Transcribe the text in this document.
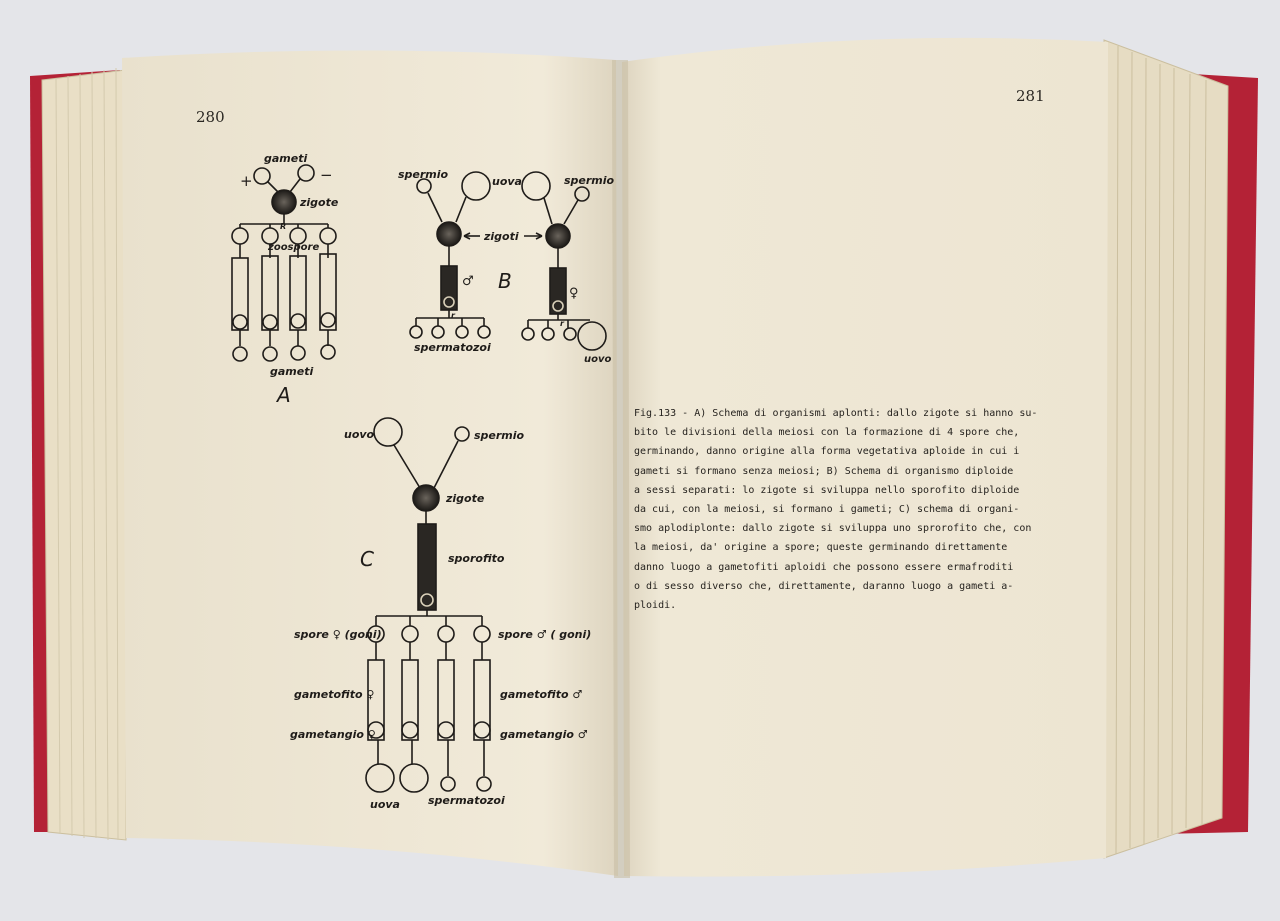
gameti
+	−
zigote
R
zoospore
gameti
A
spermio
uova	spermio
zigoti
♂
♀
r
r
spermatozoi
uovo
B
uovo	spermio
zigote
sporofito
spore ♀ (goni)	spore ♂ ( goni)
gametofito ♀	gametofito ♂
gametangio ♀	gametangio ♂
uova	spermatozoi
C
280
281
Fig.133 - A) Schema di organismi aplonti: dallo zigote si hanno su-
bito le divisioni della meiosi con la formazione di 4 spore che,
germinando, danno origine alla forma vegetativa aploide in cui i
gameti si formano senza meiosi; B) Schema di organismo diploide
a sessi separati: lo zigote si sviluppa nello sporofito diploide
da cui, con la meiosi, si formano i gameti; C) schema di organi-
smo aplodiplonte: dallo zigote si sviluppa uno sprorofito che, con
la meiosi, da' origine a spore; queste germinando direttamente
danno luogo a gametofiti aploidi che possono essere ermafroditi
o di sesso diverso che, direttamente, daranno luogo a gameti a-
ploidi.
